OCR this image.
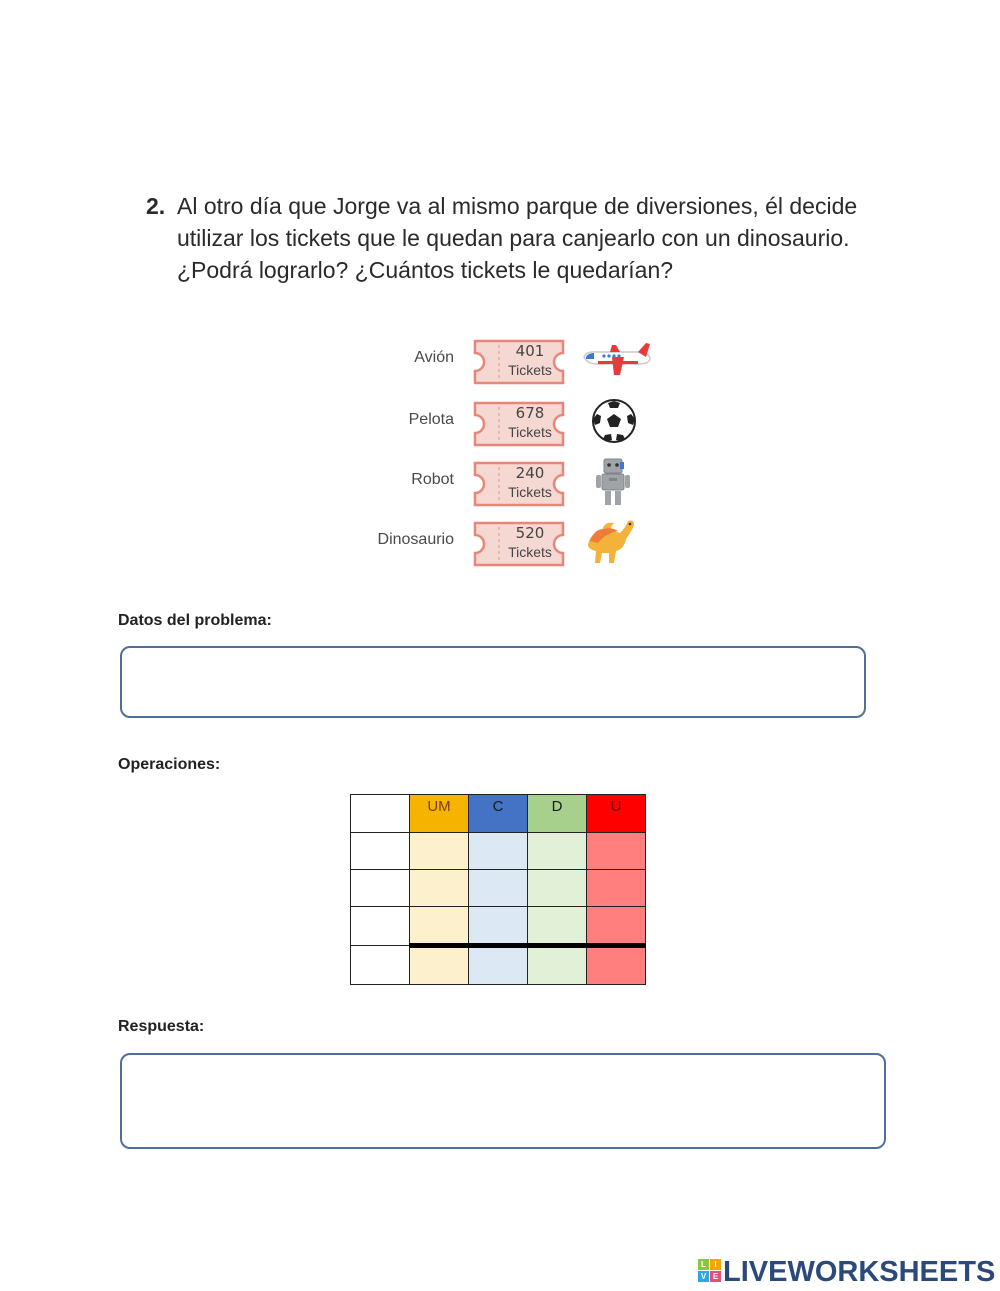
2. Al otro día que Jorge va al mismo parque de diversiones, él decide utilizar los tickets que le quedan para canjearlo con un dinosaurio. ¿Podrá lograrlo? ¿Cuántos tickets le quedarían?
Avión	401
Tickets
Pelota	678
Tickets
Robot	240
Tickets
Dinosaurio	520
Tickets
Datos del problema:
Operaciones:

	UM	C	D	U

Respuesta:
L	I
V E LIVEWORKSHEETS
